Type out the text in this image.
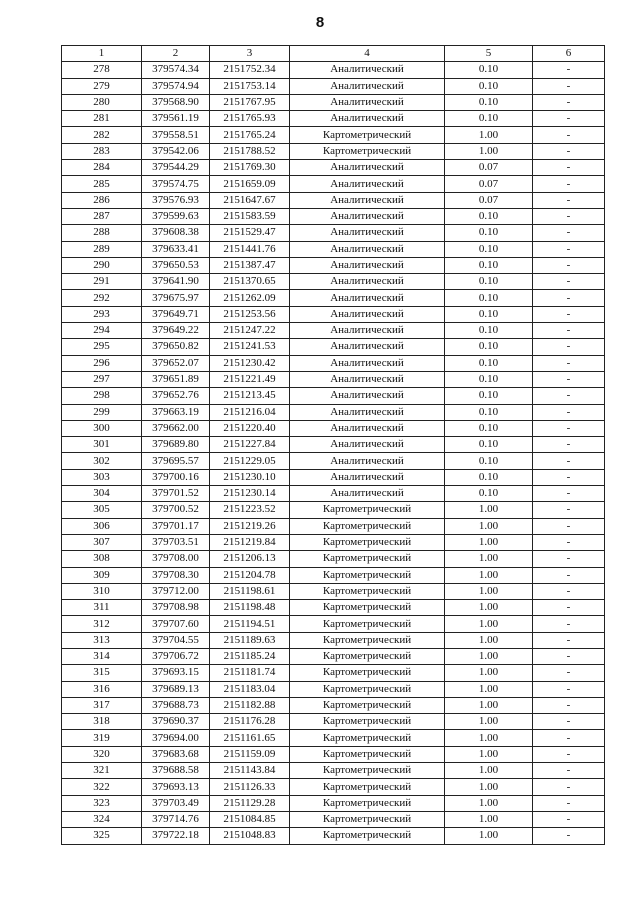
8
1	2	3	4	5	6
278	379574.34	2151752.34	Аналитический	0.10	-
279	379574.94	2151753.14	Аналитический	0.10	-
280	379568.90	2151767.95	Аналитический	0.10	-
281	379561.19	2151765.93	Аналитический	0.10	-
282	379558.51	2151765.24	Картометрический	1.00	-
283	379542.06	2151788.52	Картометрический	1.00	-
284	379544.29	2151769.30	Аналитический	0.07	-
285	379574.75	2151659.09	Аналитический	0.07	-
286	379576.93	2151647.67	Аналитический	0.07	-
287	379599.63	2151583.59	Аналитический	0.10	-
288	379608.38	2151529.47	Аналитический	0.10	-
289	379633.41	2151441.76	Аналитический	0.10	-
290	379650.53	2151387.47	Аналитический	0.10	-
291	379641.90	2151370.65	Аналитический	0.10	-
292	379675.97	2151262.09	Аналитический	0.10	-
293	379649.71	2151253.56	Аналитический	0.10	-
294	379649.22	2151247.22	Аналитический	0.10	-
295	379650.82	2151241.53	Аналитический	0.10	-
296	379652.07	2151230.42	Аналитический	0.10	-
297	379651.89	2151221.49	Аналитический	0.10	-
298	379652.76	2151213.45	Аналитический	0.10	-
299	379663.19	2151216.04	Аналитический	0.10	-
300	379662.00	2151220.40	Аналитический	0.10	-
301	379689.80	2151227.84	Аналитический	0.10	-
302	379695.57	2151229.05	Аналитический	0.10	-
303	379700.16	2151230.10	Аналитический	0.10	-
304	379701.52	2151230.14	Аналитический	0.10	-
305	379700.52	2151223.52	Картометрический	1.00	-
306	379701.17	2151219.26	Картометрический	1.00	-
307	379703.51	2151219.84	Картометрический	1.00	-
308	379708.00	2151206.13	Картометрический	1.00	-
309	379708.30	2151204.78	Картометрический	1.00	-
310	379712.00	2151198.61	Картометрический	1.00	-
311	379708.98	2151198.48	Картометрический	1.00	-
312	379707.60	2151194.51	Картометрический	1.00	-
313	379704.55	2151189.63	Картометрический	1.00	-
314	379706.72	2151185.24	Картометрический	1.00	-
315	379693.15	2151181.74	Картометрический	1.00	-
316	379689.13	2151183.04	Картометрический	1.00	-
317	379688.73	2151182.88	Картометрический	1.00	-
318	379690.37	2151176.28	Картометрический	1.00	-
319	379694.00	2151161.65	Картометрический	1.00	-
320	379683.68	2151159.09	Картометрический	1.00	-
321	379688.58	2151143.84	Картометрический	1.00	-
322	379693.13	2151126.33	Картометрический	1.00	-
323	379703.49	2151129.28	Картометрический	1.00	-
324	379714.76	2151084.85	Картометрический	1.00	-
325	379722.18	2151048.83	Картометрический	1.00	-
